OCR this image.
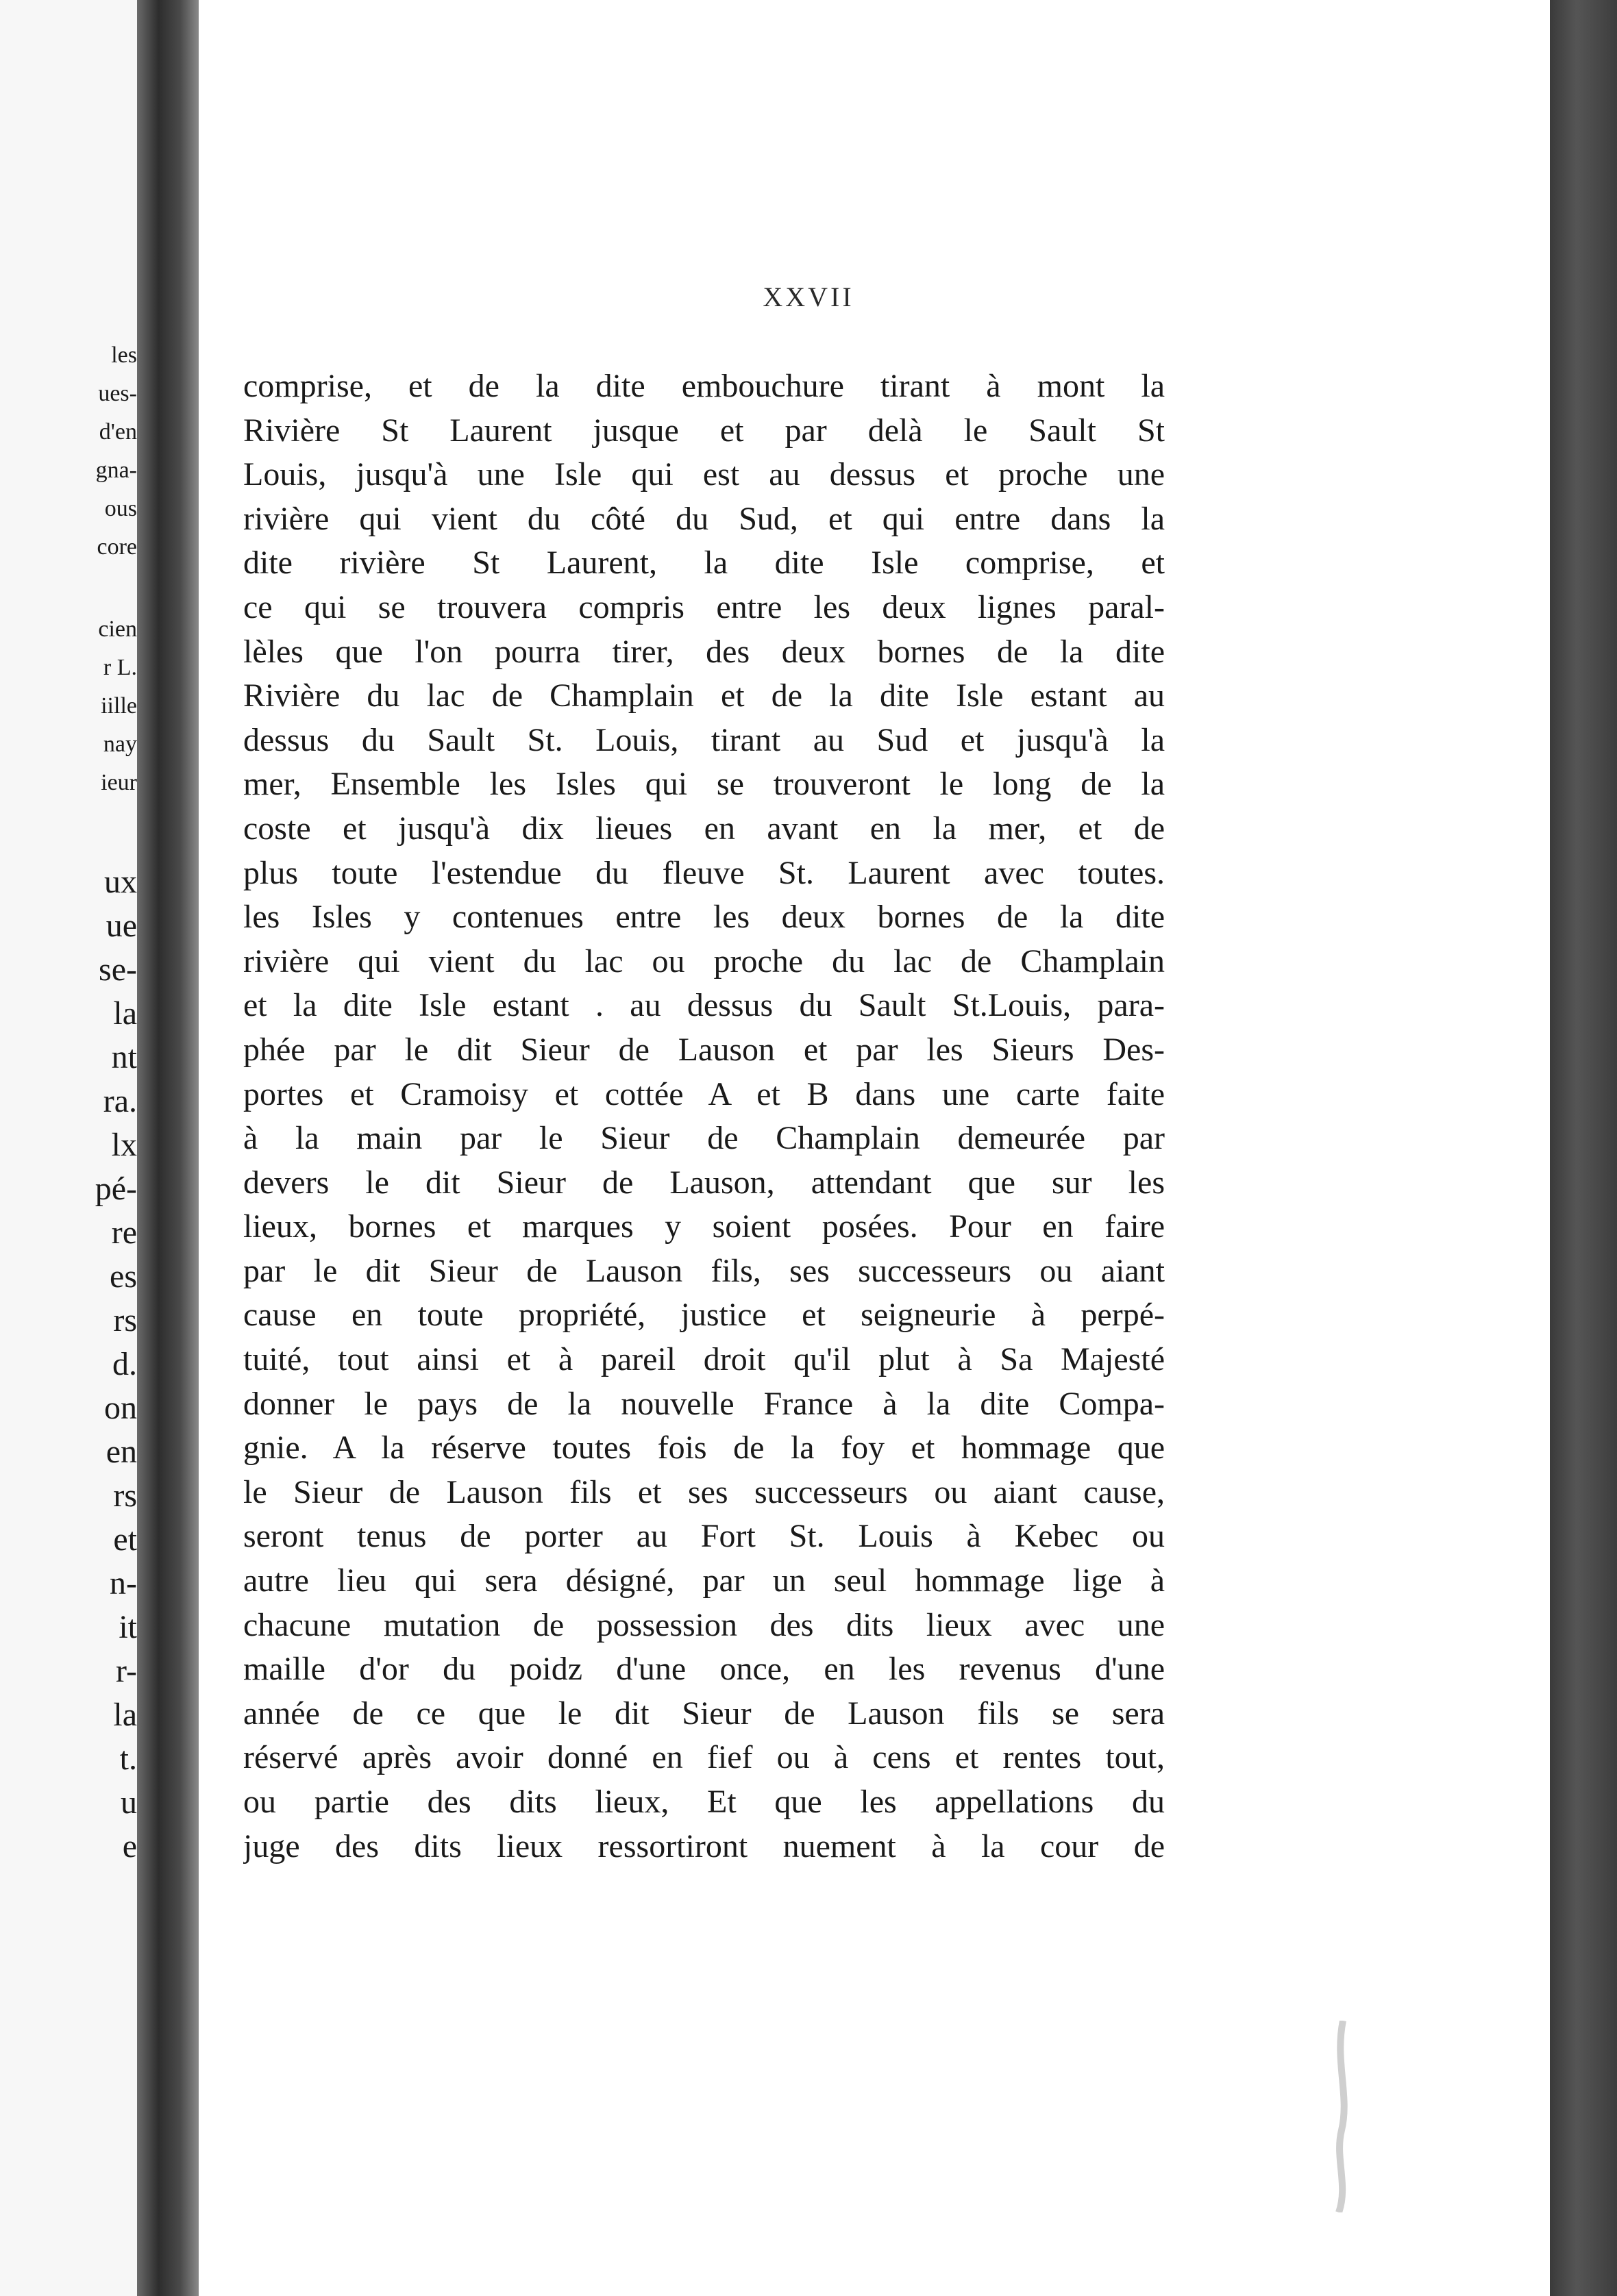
les
ues-
d'en
gna-
ous
core
cien
r L.
iille
nay
ieur
ux
ue
se-
la
nt
ra.
lx
pé-
re
es
rs
d.
on
en
rs
et
n-
it
r-
la
t.
u
e
XXVII
comprise, et de la dite embouchure tirant à mont la
Rivière St Laurent jusque et par delà le Sault St
Louis, jusqu'à une Isle qui est au dessus et proche une
rivière qui vient du côté du Sud, et qui entre dans la
dite rivière St Laurent, la dite Isle comprise, et
ce qui se trouvera compris entre les deux lignes paral-
lèles que l'on pourra tirer, des deux bornes de la dite
Rivière du lac de Champlain et de la dite Isle estant au
dessus du Sault St. Louis, tirant au Sud et jusqu'à la
mer, Ensemble les Isles qui se trouveront le long de la
coste et jusqu'à dix lieues en avant en la mer, et de
plus toute l'estendue du fleuve St. Laurent avec toutes.
les Isles y contenues entre les deux bornes de la dite
rivière qui vient du lac ou proche du lac de Champlain
et la dite Isle estant . au dessus du Sault St.Louis, para-
phée par le dit Sieur de Lauson et par les Sieurs Des-
portes et Cramoisy et cottée A et B dans une carte faite
à la main par le Sieur de Champlain demeurée par
devers le dit Sieur de Lauson, attendant que sur les
lieux, bornes et marques y soient posées. Pour en faire
par le dit Sieur de Lauson fils, ses successeurs ou aiant
cause en toute propriété, justice et seigneurie à perpé-
tuité, tout ainsi et à pareil droit qu'il plut à Sa Majesté
donner le pays de la nouvelle France à la dite Compa-
gnie. A la réserve toutes fois de la foy et hommage que
le Sieur de Lauson fils et ses successeurs ou aiant cause,
seront tenus de porter au Fort St. Louis à Kebec ou
autre lieu qui sera désigné, par un seul hommage lige à
chacune mutation de possession des dits lieux avec une
maille d'or du poidz d'une once, en les revenus d'une
année de ce que le dit Sieur de Lauson fils se sera
réservé après avoir donné en fief ou à cens et rentes tout,
ou partie des dits lieux, Et que les appellations du
juge des dits lieux ressortiront nuement à la cour de
